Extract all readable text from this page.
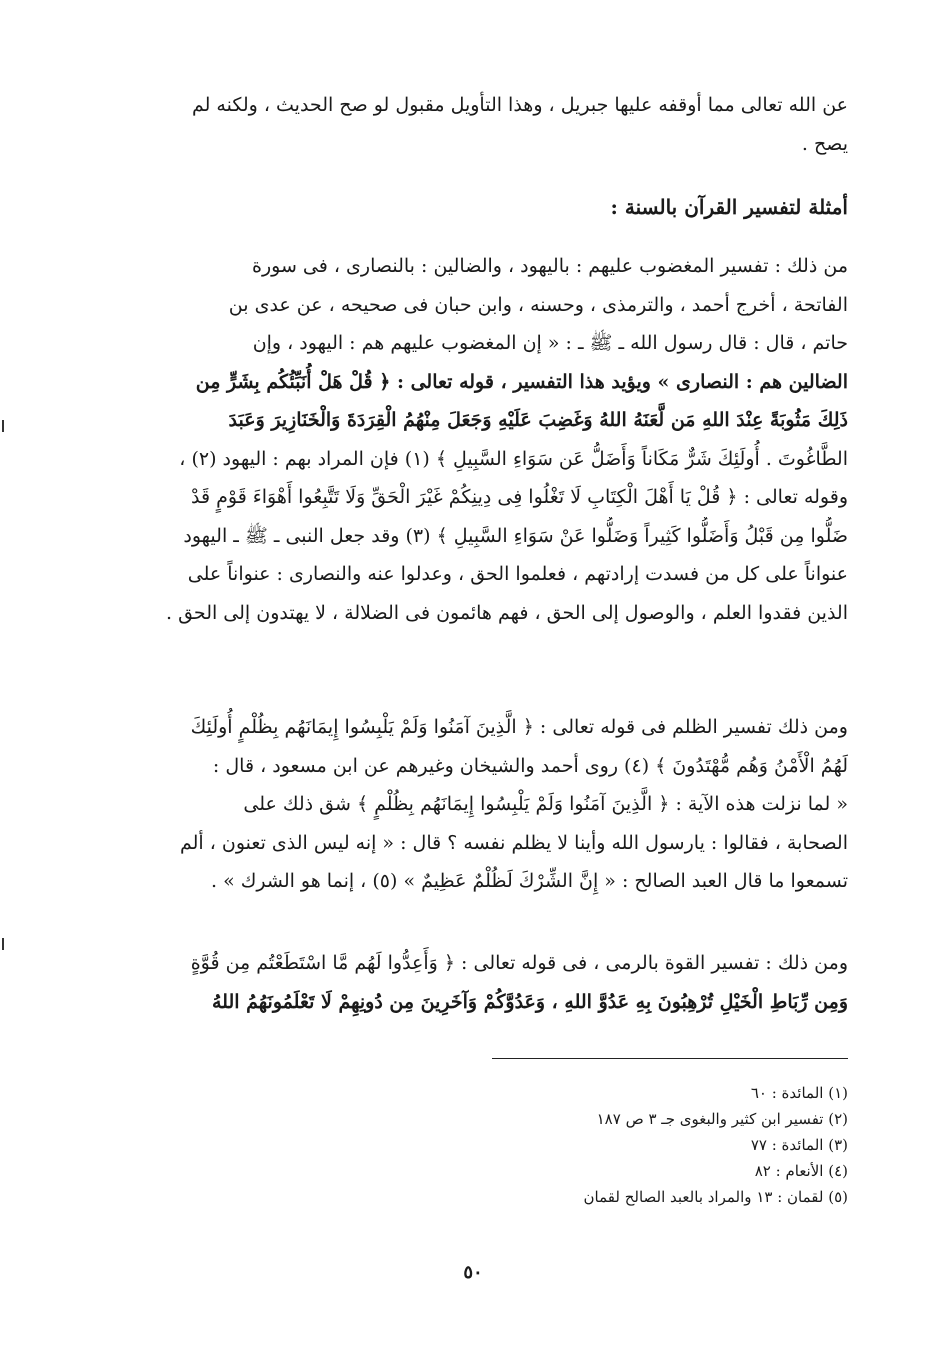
عن الله تعالى مما أوقفه عليها جبريل ، وهذا التأويل مقبول لو صح الحديث ، ولكنه لم
يصح .
أمثلة لتفسير القرآن بالسنة :
من ذلك : تفسير المغضوب عليهم : باليهود ، والضالين : بالنصارى ، فى سورة
الفاتحة ، أخرج أحمد ، والترمذى ، وحسنه ، وابن حبان فى صحيحه ، عن عدى بن
حاتم ، قال : قال رسول الله ـ ﷺ ـ : « إن المغضوب عليهم هم : اليهود ، وإن
الضالين هم : النصارى » ويؤيد هذا التفسير ، قوله تعالى : ﴿ قُلْ هَلْ أُنَبِّئُكُم بِشَرٍّ مِن
ذَلِكَ مَثُوبَةً عِنْدَ اللهِ مَن لَّعَنَهُ اللهُ وَغَضِبَ عَلَيْهِ وَجَعَلَ مِنْهُمُ الْقِرَدَةَ وَالْخَنَازِيرَ وَعَبَدَ
الطَّاغُوتَ . أُولَئِكَ شَرٌّ مَكَاناً وَأَضَلُّ عَن سَوَاءِ السَّبِيلِ ﴾ (١) فإن المراد بهم : اليهود (٢) ،
وقوله تعالى : ﴿ قُلْ يَا أَهْلَ الْكِتَابِ لَا تَغْلُوا فِى دِينِكُمْ غَيْرَ الْحَقِّ وَلَا تَتَّبِعُوا أَهْوَاءَ قَوْمٍ قَدْ
ضَلُّوا مِن قَبْلُ وَأَضَلُّوا كَثِيراً وَضَلُّوا عَنْ سَوَاءِ السَّبِيلِ ﴾ (٣) وقد جعل النبى ـ ﷺ ـ اليهود
عنواناً على كل من فسدت إرادتهم ، فعلموا الحق ، وعدلوا عنه والنصارى : عنواناً على
الذين فقدوا العلم ، والوصول إلى الحق ، فهم هائمون فى الضلالة ، لا يهتدون إلى الحق .
ومن ذلك تفسير الظلم فى قوله تعالى : ﴿ الَّذِينَ آمَنُوا وَلَمْ يَلْبِسُوا إِيمَانَهُم بِظُلْمٍ أُولَئِكَ
لَهُمُ الْأَمْنُ وَهُم مُّهْتَدُونَ ﴾ (٤) روى أحمد والشيخان وغيرهم عن ابن مسعود ، قال :
« لما نزلت هذه الآية : ﴿ الَّذِينَ آمَنُوا وَلَمْ يَلْبِسُوا إِيمَانَهُم بِظُلْمٍ ﴾ شق ذلك على
الصحابة ، فقالوا : يارسول الله وأينا لا يظلم نفسه ؟ قال : « إنه ليس الذى تعنون ، ألم
تسمعوا ما قال العبد الصالح : « إِنَّ الشِّرْكَ لَظُلْمٌ عَظِيمٌ » (٥) ، إنما هو الشرك » .
ومن ذلك : تفسير القوة بالرمى ، فى قوله تعالى : ﴿ وَأَعِدُّوا لَهُم مَّا اسْتَطَعْتُم مِن قُوَّةٍ
وَمِن رِّبَاطِ الْخَيْلِ تُرْهِبُونَ بِهِ عَدُوَّ اللهِ ، وَعَدُوَّكُمْ وَآخَرِينَ مِن دُونِهِمْ لَا تَعْلَمُونَهُمُ اللهُ
(١) المائدة : ٦٠
(٢) تفسير ابن كثير والبغوى جـ ٣ ص ١٨٧
(٣) المائدة : ٧٧
(٤) الأنعام : ٨٢
(٥) لقمان : ١٣ والمراد بالعبد الصالح لقمان
٥٠
